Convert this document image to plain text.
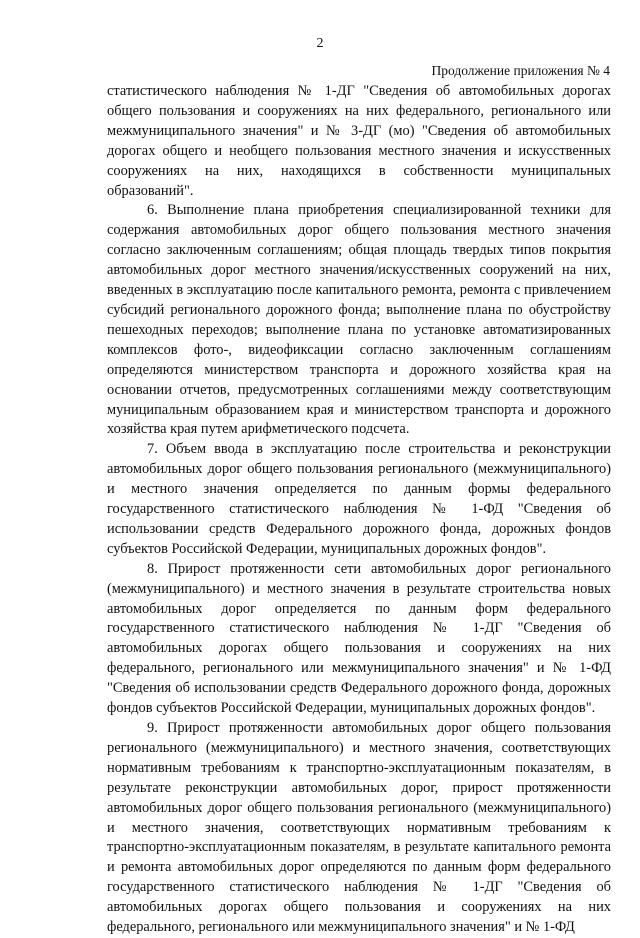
2
Продолжение приложения № 4

статистического наблюдения № 1-ДГ "Сведения об автомобильных дорогах общего пользования и сооружениях на них федерального, регионального или межмуниципального значения" и № 3-ДГ (мо) "Сведения об автомобильных дорогах общего и необщего пользования местного значения и искусственных сооружениях на них, находящихся в собственности муниципальных образований".

6. Выполнение плана приобретения специализированной техники для содержания автомобильных дорог общего пользования местного значения согласно заключенным соглашениям; общая площадь твердых типов покрытия автомобильных дорог местного значения/искусственных сооружений на них, введенных в эксплуатацию после капитального ремонта, ремонта с привлечением субсидий регионального дорожного фонда; выполнение плана по обустройству пешеходных переходов; выполнение плана по установке автоматизированных комплексов фото-, видеофиксации согласно заключенным соглашениям определяются министерством транспорта и дорожного хозяйства края на основании отчетов, предусмотренных соглашениями между соответствующим муниципальным образованием края и министерством транспорта и дорожного хозяйства края путем арифметического подсчета.

7. Объем ввода в эксплуатацию после строительства и реконструкции автомобильных дорог общего пользования регионального (межмуниципального) и местного значения определяется по данным формы федерального государственного статистического наблюдения № 1-ФД "Сведения об использовании средств Федерального дорожного фонда, дорожных фондов субъектов Российской Федерации, муниципальных дорожных фондов".

8. Прирост протяженности сети автомобильных дорог регионального (межмуниципального) и местного значения в результате строительства новых автомобильных дорог определяется по данным форм федерального государственного статистического наблюдения № 1-ДГ "Сведения об автомобильных дорогах общего пользования и сооружениях на них федерального, регионального или межмуниципального значения" и № 1-ФД "Сведения об использовании средств Федерального дорожного фонда, дорожных фондов субъектов Российской Федерации, муниципальных дорожных фондов".

9. Прирост протяженности автомобильных дорог общего пользования регионального (межмуниципального) и местного значения, соответствующих нормативным требованиям к транспортно-эксплуатационным показателям, в результате реконструкции автомобильных дорог, прирост протяженности автомобильных дорог общего пользования регионального (межмуниципального) и местного значения, соответствующих нормативным требованиям к транспортно-эксплуатационным показателям, в результате капитального ремонта и ремонта автомобильных дорог определяются по данным форм федерального государственного статистического наблюдения № 1-ДГ "Сведения об автомобильных дорогах общего пользования и сооружениях на них федерального, регионального или межмуниципального значения" и № 1-ФД
